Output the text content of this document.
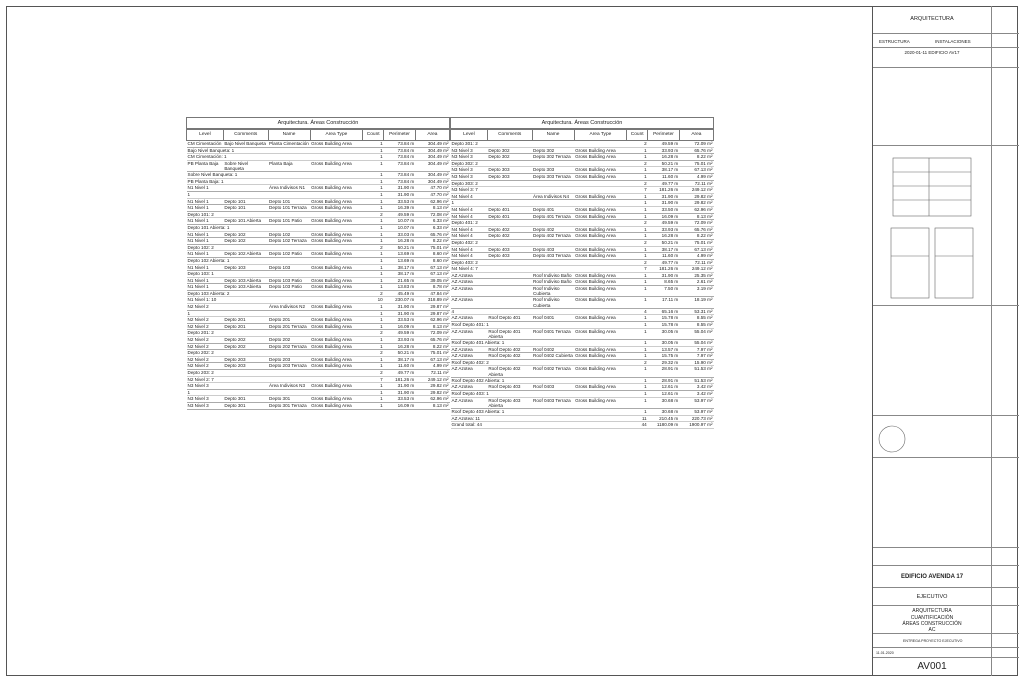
Arquitectura. Áreas Construcción
Level	Comments	Name	Area Type	Count	Perimeter	Area
CM Cimentación	Bajo Nivel Banqueta	Planta Cimentación	Gross Building Area	1	73.84 m	304.49 m²
Bajo Nivel Banqueta: 1				1	73.84 m	304.49 m²
CM Cimentación: 1				1	73.84 m	304.49 m²
PB Planta Baja	Sobre Nivel Banqueta	Planta Baja	Gross Building Area	1	73.84 m	304.49 m²
Sobre Nivel Banqueta: 1				1	73.84 m	304.49 m²
PB Planta Baja: 1				1	73.84 m	304.49 m²
N1 Nivel 1		Área Indivisos N1	Gross Building Area	1	31.90 m	47.70 m²
1				1	31.90 m	47.70 m²
N1 Nivel 1	Depto 101	Depto 101	Gross Building Area	1	33.53 m	62.96 m²
N1 Nivel 1	Depto 101	Depto 101 Terraza	Gross Building Area	1	16.39 m	8.13 m²
Depto 101: 2				2	49.59 m	72.08 m²
N1 Nivel 1	Depto 101 Abierta	Depto 101 Patio	Gross Building Area	1	10.07 m	6.33 m²
Depto 101 Abierta: 1				1	10.07 m	6.33 m²
N1 Nivel 1	Depto 102	Depto 102	Gross Building Area	1	33.03 m	65.76 m²
N1 Nivel 1	Depto 102	Depto 102 Terraza	Gross Building Area	1	16.28 m	8.22 m²
Depto 102: 2				2	50.21 m	75.01 m²
N1 Nivel 1	Depto 102 Abierta	Depto 102 Patio	Gross Building Area	1	13.69 m	8.60 m²
Depto 102 Abierta: 1				1	13.69 m	8.60 m²
N1 Nivel 1	Depto 103	Depto 103	Gross Building Area	1	38.17 m	67.13 m²
Depto 103: 1				1	38.17 m	67.13 m²
N1 Nivel 1	Depto 103 Abierta	Depto 103 Patio	Gross Building Area	1	21.65 m	39.05 m²
N1 Nivel 1	Depto 103 Abierta	Depto 103 Patio	Gross Building Area	1	13.83 m	8.78 m²
Depto 103 Abierta: 2				2	45.49 m	47.84 m²
N1 Nivel 1: 10				10	230.07 m	318.89 m²
N2 Nivel 2		Área Indivisos N2	Gross Building Area	1	31.90 m	29.87 m²
1				1	31.90 m	29.87 m²
N2 Nivel 2	Depto 201	Depto 201	Gross Building Area	1	33.53 m	62.96 m²
N2 Nivel 2	Depto 201	Depto 201 Terraza	Gross Building Area	1	16.09 m	8.13 m²
Depto 201: 2				2	49.59 m	72.09 m²
N2 Nivel 2	Depto 202	Depto 202	Gross Building Area	1	33.93 m	65.76 m²
N2 Nivel 2	Depto 202	Depto 202 Terraza	Gross Building Area	1	16.28 m	8.22 m²
Depto 202: 2				2	50.21 m	75.01 m²
N2 Nivel 2	Depto 203	Depto 203	Gross Building Area	1	38.17 m	67.13 m²
N2 Nivel 2	Depto 203	Depto 203 Terraza	Gross Building Area	1	11.60 m	4.99 m²
Depto 203: 2				2	49.77 m	72.11 m²
N2 Nivel 2: 7				7	181.26 m	249.12 m²
N3 Nivel 3		Área Indivisos N3	Gross Building Area	1	31.90 m	29.82 m²
1				1	31.90 m	29.82 m²
N3 Nivel 3	Depto 301	Depto 301	Gross Building Area	1	33.53 m	62.96 m²
N3 Nivel 3	Depto 301	Depto 301 Terraza	Gross Building Area	1	16.09 m	8.13 m²
Arquitectura. Áreas Construcción
Level	Comments	Name	Area Type	Count	Perimeter	Area
Depto 301: 2				2	49.59 m	72.09 m²
N3 Nivel 3	Depto 302	Depto 302	Gross Building Area	1	33.93 m	65.76 m²
N3 Nivel 3	Depto 302	Depto 302 Terraza	Gross Building Area	1	16.28 m	8.22 m²
Depto 302: 2				2	50.21 m	75.01 m²
N3 Nivel 3	Depto 303	Depto 303	Gross Building Area	1	38.17 m	67.13 m²
N3 Nivel 3	Depto 303	Depto 303 Terraza	Gross Building Area	1	11.60 m	4.99 m²
Depto 303: 2				2	49.77 m	72.11 m²
N3 Nivel 3: 7				7	181.26 m	249.12 m²
N4 Nivel 4		Área Indivisos N4	Gross Building Area	1	31.90 m	29.82 m²
1				1	31.90 m	29.82 m²
N4 Nivel 4	Depto 401	Depto 401	Gross Building Area	1	33.50 m	62.96 m²
N4 Nivel 4	Depto 401	Depto 401 Terraza	Gross Building Area	1	16.09 m	8.13 m²
Depto 401: 2				2	49.59 m	72.09 m²
N4 Nivel 4	Depto 402	Depto 402	Gross Building Area	1	33.93 m	65.76 m²
N4 Nivel 4	Depto 402	Depto 402 Terraza	Gross Building Area	1	16.28 m	8.22 m²
Depto 402: 2				2	50.21 m	75.01 m²
N4 Nivel 4	Depto 403	Depto 403	Gross Building Area	1	38.17 m	67.13 m²
N4 Nivel 4	Depto 403	Depto 403 Terraza	Gross Building Area	1	11.60 m	4.99 m²
Depto 403: 2				2	49.77 m	72.11 m²
N4 Nivel 4: 7				7	181.26 m	249.12 m²
AZ Azotea		Roof Indiviso Baño	Gross Building Area	1	31.90 m	25.35 m²
AZ Azotea		Roof Indiviso Baño	Gross Building Area	1	8.65 m	2.61 m²
AZ Azotea		Roof Indiviso Cubierta	Gross Building Area	1	7.50 m	3.19 m²
AZ Azotea		Roof Indiviso Cubierta	Gross Building Area	1	17.11 m	18.19 m²
4				4	65.16 m	53.31 m²
AZ Azotea	Roof Depto 401	Roof 0401	Gross Building Area	1	15.78 m	8.55 m²
Roof Depto 401: 1				1	15.78 m	8.55 m²
AZ Azotea	Roof Depto 401 Abierta	Roof 0401 Terraza	Gross Building Area	1	30.05 m	55.04 m²
Roof Depto 401 Abierta: 1				1	30.05 m	55.04 m²
AZ Azotea	Roof Depto 402	Roof 0402	Gross Building Area	1	13.57 m	7.97 m²
AZ Azotea	Roof Depto 402	Roof 0402 Cubierta	Gross Building Area	1	15.75 m	7.97 m²
Roof Depto 402: 2				2	29.32 m	15.90 m²
AZ Azotea	Roof Depto 402 Abierta	Roof 0402 Terraza	Gross Building Area	1	28.91 m	51.53 m²
Roof Depto 402 Abierta: 1				1	28.91 m	51.53 m²
AZ Azotea	Roof Depto 403	Roof 0403	Gross Building Area	1	12.61 m	3.42 m²
Roof Depto 403: 1				1	12.61 m	3.42 m²
AZ Azotea	Roof Depto 403 Abierta	Roof 0403 Terraza	Gross Building Area	1	30.68 m	53.97 m²
Roof Depto 403 Abierta: 1				1	30.68 m	53.97 m²
AZ Azotea: 11				11	210.45 m	220.73 m²
Grand total: 44				44	1180.09 m	1900.97 m²
ARQUITECTURA
ESTRUCTURA	INSTALACIONES
2020-01-11 EDIFICIO AV17
EDIFICIO AVENIDA 17
EJECUTIVO
ARQUITECTURA
CUANTIFICACIÓN
ÁREAS CONSTRUCCIÓN
AC
ENTREGA PROYECTO EJECUTIVO
11.01.2020
AV001
